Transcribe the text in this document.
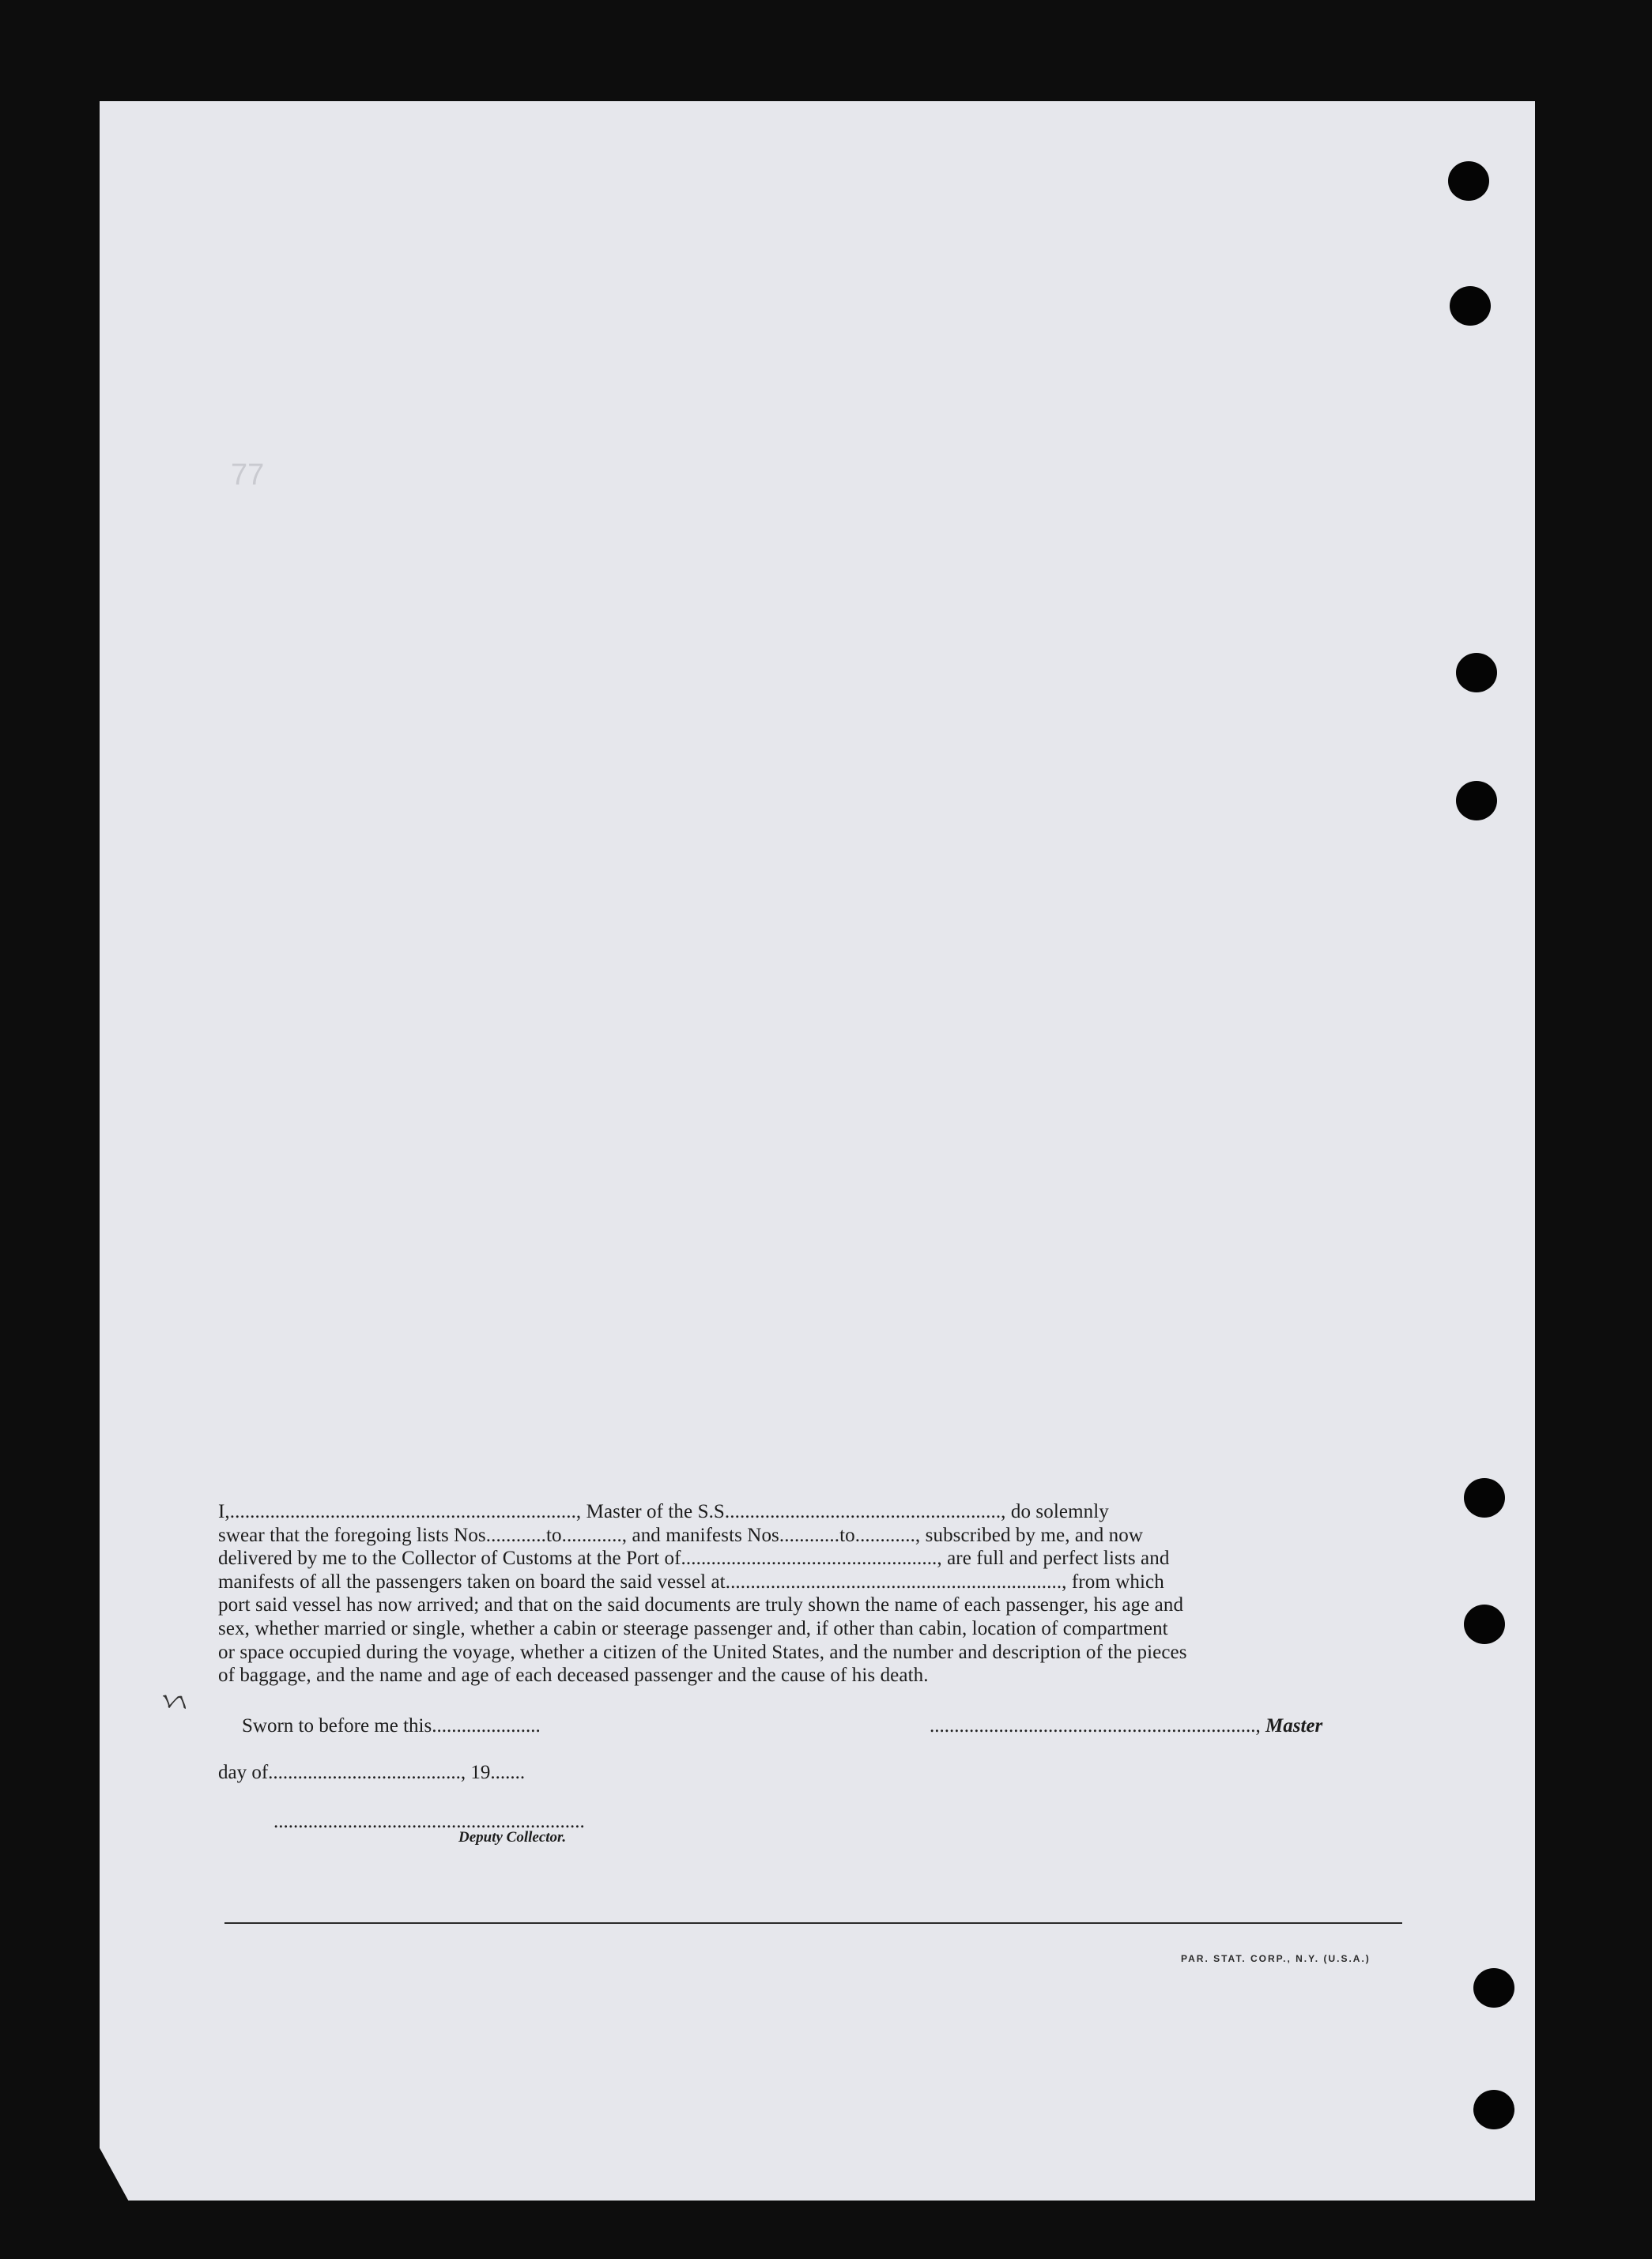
77
ㄣ

I,....................................................................., Master of the S.S......................................................., do solemnly

swear that the foregoing lists Nos............to............, and manifests Nos............to............, subscribed by me, and now

delivered by me to the Collector of Customs at the Port of..................................................., are full and perfect lists and

manifests of all the passengers taken on board the said vessel at..................................................................., from which

port said vessel has now arrived; and that on the said documents are truly shown the name of each passenger, his age and

sex, whether married or single, whether a cabin or steerage passenger and, if other than cabin, location of compartment

or space occupied during the voyage, whether a citizen of the United States, and the number and description of the pieces

of baggage, and the name and age of each deceased passenger and the cause of his death.

Sworn to before me this......................	.................................................................., Master
day of......................................., 19.......
...............................................................
Deputy Collector.
PAR. STAT. CORP., N.Y. (U.S.A.)
